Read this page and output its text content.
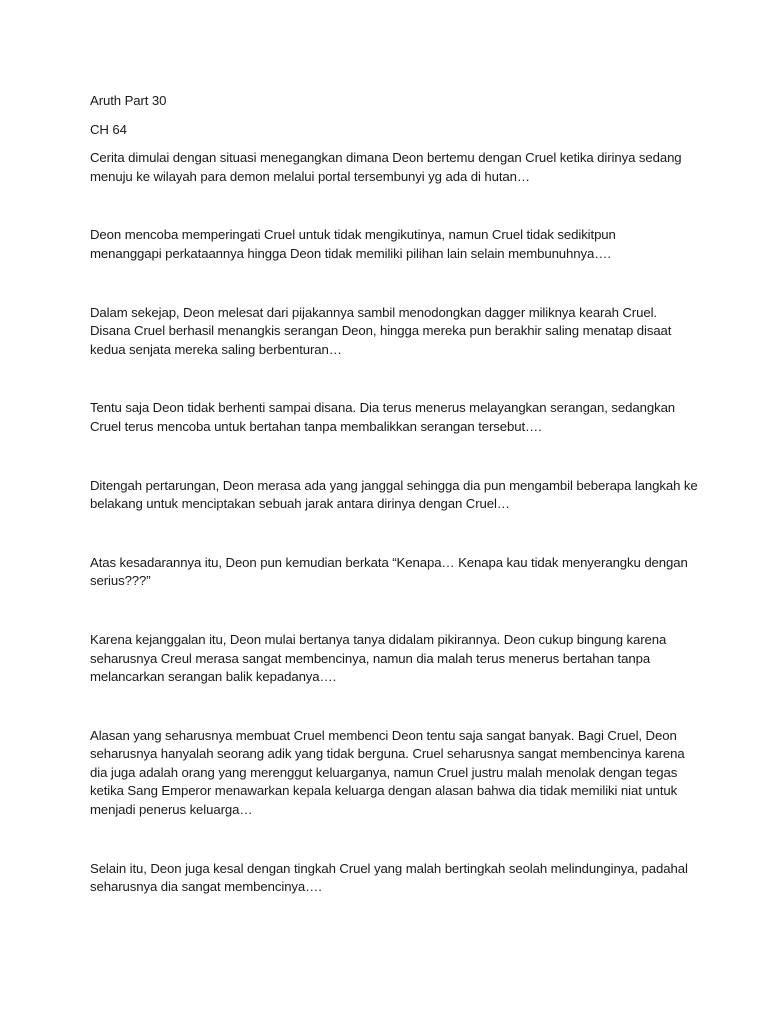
Aruth Part 30
CH 64
Cerita dimulai dengan situasi menegangkan dimana Deon bertemu dengan Cruel ketika dirinya sedang
menuju ke wilayah para demon melalui portal tersembunyi yg ada di hutan…
Deon mencoba memperingati Cruel untuk tidak mengikutinya, namun Cruel tidak sedikitpun
menanggapi perkataannya hingga Deon tidak memiliki pilihan lain selain membunuhnya….
Dalam sekejap, Deon melesat dari pijakannya sambil menodongkan dagger miliknya kearah Cruel.
Disana Cruel berhasil menangkis serangan Deon, hingga mereka pun berakhir saling menatap disaat
kedua senjata mereka saling berbenturan…
Tentu saja Deon tidak berhenti sampai disana. Dia terus menerus melayangkan serangan, sedangkan
Cruel terus mencoba untuk bertahan tanpa membalikkan serangan tersebut….
Ditengah pertarungan, Deon merasa ada yang janggal sehingga dia pun mengambil beberapa langkah ke
belakang untuk menciptakan sebuah jarak antara dirinya dengan Cruel…
Atas kesadarannya itu, Deon pun kemudian berkata “Kenapa… Kenapa kau tidak menyerangku dengan
serius???”
Karena kejanggalan itu, Deon mulai bertanya tanya didalam pikirannya. Deon cukup bingung karena
seharusnya Creul merasa sangat membencinya, namun dia malah terus menerus bertahan tanpa
melancarkan serangan balik kepadanya….
Alasan yang seharusnya membuat Cruel membenci Deon tentu saja sangat banyak. Bagi Cruel, Deon
seharusnya hanyalah seorang adik yang tidak berguna. Cruel seharusnya sangat membencinya karena
dia juga adalah orang yang merenggut keluarganya, namun Cruel justru malah menolak dengan tegas
ketika Sang Emperor menawarkan kepala keluarga dengan alasan bahwa dia tidak memiliki niat untuk
menjadi penerus keluarga…
Selain itu, Deon juga kesal dengan tingkah Cruel yang malah bertingkah seolah melindunginya, padahal
seharusnya dia sangat membencinya….
